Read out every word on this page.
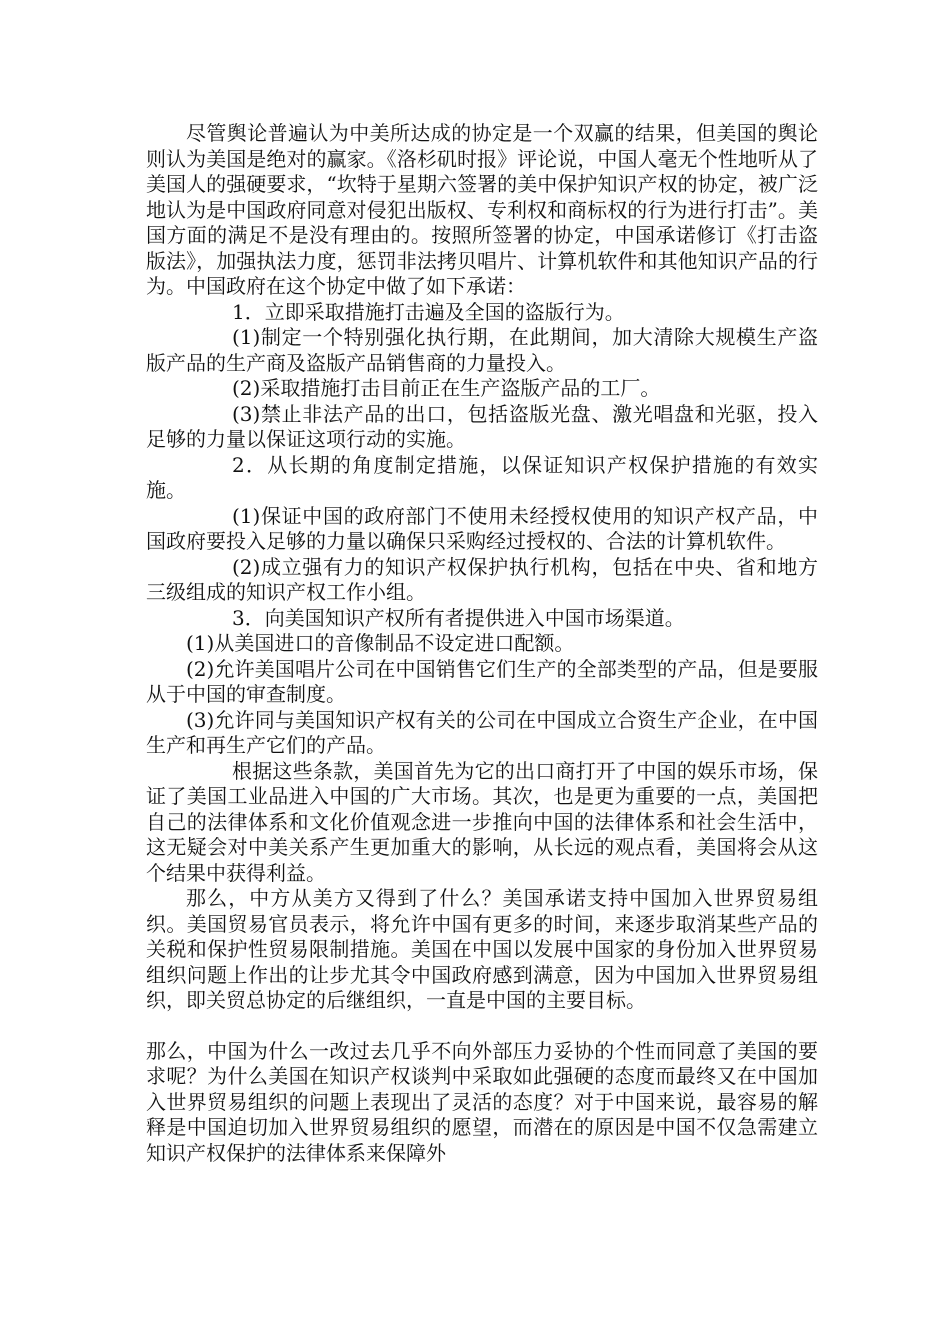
尽管舆论普遍认为中美所达成的协定是一个双赢的结果，但美国的舆论则认为美国是绝对的赢家。《洛杉矶时报》评论说，中国人毫无个性地听从了美国人的强硬要求，“坎特于星期六签署的美中保护知识产权的协定，被广泛地认为是中国政府同意对侵犯出版权、专利权和商标权的行为进行打击”。美国方面的满足不是没有理由的。按照所签署的协定，中国承诺修订《打击盗版法》，加强执法力度，惩罚非法拷贝唱片、计算机软件和其他知识产品的行为。中国政府在这个协定中做了如下承诺：

1．立即采取措施打击遍及全国的盗版行为。

(1)制定一个特别强化执行期，在此期间，加大清除大规模生产盗版产品的生产商及盗版产品销售商的力量投入。

(2)采取措施打击目前正在生产盗版产品的工厂。

(3)禁止非法产品的出口，包括盗版光盘、激光唱盘和光驱，投入足够的力量以保证这项行动的实施。

2．从长期的角度制定措施，以保证知识产权保护措施的有效实施。

(1)保证中国的政府部门不使用未经授权使用的知识产权产品，中国政府要投入足够的力量以确保只采购经过授权的、合法的计算机软件。

(2)成立强有力的知识产权保护执行机构，包括在中央、省和地方三级组成的知识产权工作小组。

3．向美国知识产权所有者提供进入中国市场渠道。

(1)从美国进口的音像制品不设定进口配额。

(2)允许美国唱片公司在中国销售它们生产的全部类型的产品，但是要服从于中国的审查制度。

(3)允许同与美国知识产权有关的公司在中国成立合资生产企业，在中国生产和再生产它们的产品。

根据这些条款，美国首先为它的出口商打开了中国的娱乐市场，保证了美国工业品进入中国的广大市场。其次，也是更为重要的一点，美国把自己的法律体系和文化价值观念进一步推向中国的法律体系和社会生活中，这无疑会对中美关系产生更加重大的影响，从长远的观点看，美国将会从这个结果中获得利益。

那么，中方从美方又得到了什么？美国承诺支持中国加入世界贸易组织。美国贸易官员表示，将允许中国有更多的时间，来逐步取消某些产品的关税和保护性贸易限制措施。美国在中国以发展中国家的身份加入世界贸易组织问题上作出的让步尤其令中国政府感到满意，因为中国加入世界贸易组织，即关贸总协定的后继组织，一直是中国的主要目标。

那么，中国为什么一改过去几乎不向外部压力妥协的个性而同意了美国的要求呢？为什么美国在知识产权谈判中采取如此强硬的态度而最终又在中国加入世界贸易组织的问题上表现出了灵活的态度？对于中国来说，最容易的解释是中国迫切加入世界贸易组织的愿望，而潜在的原因是中国不仅急需建立知识产权保护的法律体系来保障外
